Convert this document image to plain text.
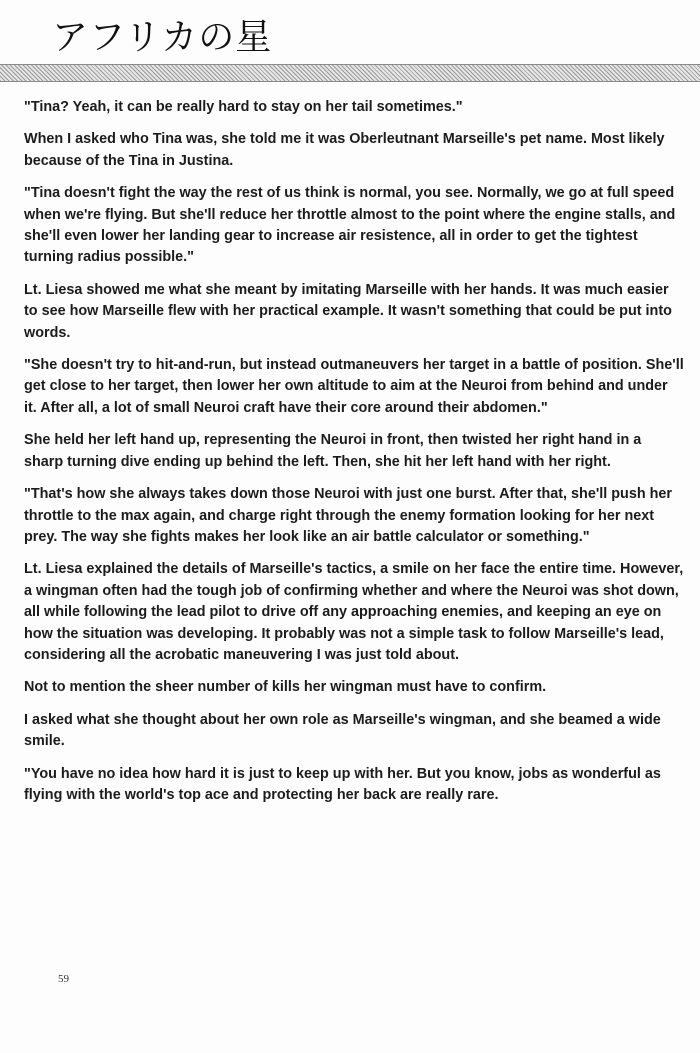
アフリカの星

"Tina? Yeah, it can be really hard to stay on her tail sometimes."

When I asked who Tina was, she told me it was Oberleutnant Marseille's pet name. Most likely because of the Tina in Justina.

"Tina doesn't fight the way the rest of us think is normal, you see. Normally, we go at full speed when we're flying. But she'll reduce her throttle almost to the point where the engine stalls, and she'll even lower her landing gear to increase air resistence, all in order to get the tightest turning radius possible."

Lt. Liesa showed me what she meant by imitating Marseille with her hands. It was much easier to see how Marseille flew with her practical example. It wasn't something that could be put into words.

"She doesn't try to hit-and-run, but instead outmaneuvers her target in a battle of position. She'll get close to her target, then lower her own altitude to aim at the Neuroi from behind and under it. After all, a lot of small Neuroi craft have their core around their abdomen."

She held her left hand up, representing the Neuroi in front, then twisted her right hand in a sharp turning dive ending up behind the left. Then, she hit her left hand with her right.

"That's how she always takes down those Neuroi with just one burst. After that, she'll push her throttle to the max again, and charge right through the enemy formation looking for her next prey. The way she fights makes her look like an air battle calculator or something."

Lt. Liesa explained the details of Marseille's tactics, a smile on her face the entire time. However, a wingman often had the tough job of confirming whether and where the Neuroi was shot down, all while following the lead pilot to drive off any approaching enemies, and keeping an eye on how the situation was developing. It probably was not a simple task to follow Marseille's lead, considering all the acrobatic maneuvering I was just told about.

Not to mention the sheer number of kills her wingman must have to confirm.

I asked what she thought about her own role as Marseille's wingman, and she beamed a wide smile.

"You have no idea how hard it is just to keep up with her. But you know, jobs as wonderful as flying with the world's top ace and protecting her back are really rare.

59
